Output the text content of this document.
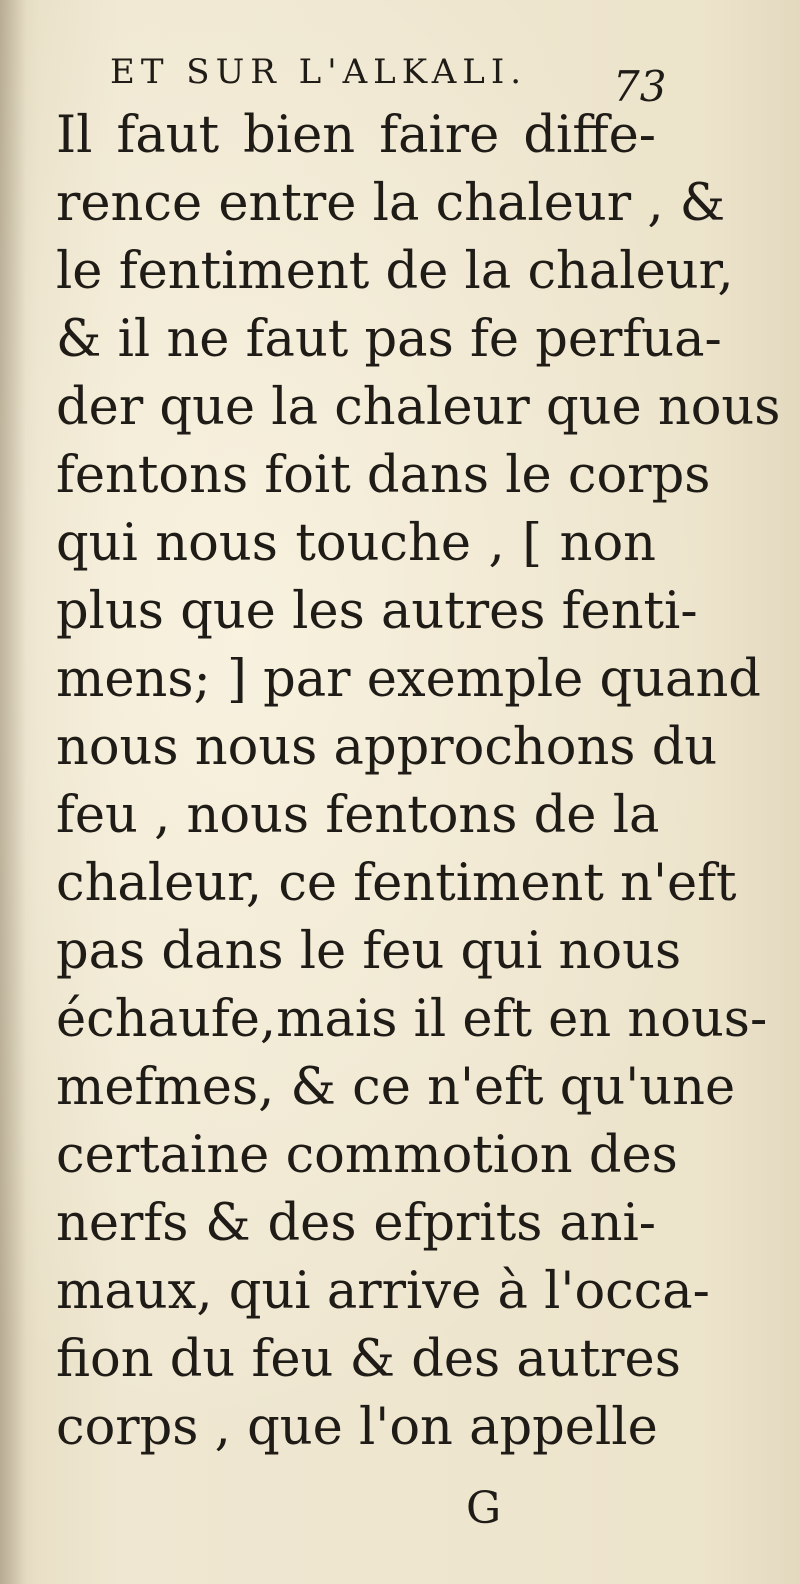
ET SUR L'ALKALI. 73
Il faut bien faire diffe-
rence entre la chaleur , &
le fentiment de la chaleur,
& il ne faut pas fe perfua-
der que la chaleur que nous
fentons foit dans le corps
qui nous touche , [ non
plus que les autres fenti-
mens; ] par exemple quand
nous nous approchons du
feu , nous fentons de la
chaleur, ce fentiment n'eft
pas dans le feu qui nous
échaufe,mais il eft en nous-
mefmes, & ce n'eft qu'une
certaine commotion des
nerfs & des efprits ani-
maux, qui arrive à l'occa-
fion du feu & des autres
corps , que l'on appelle
G
